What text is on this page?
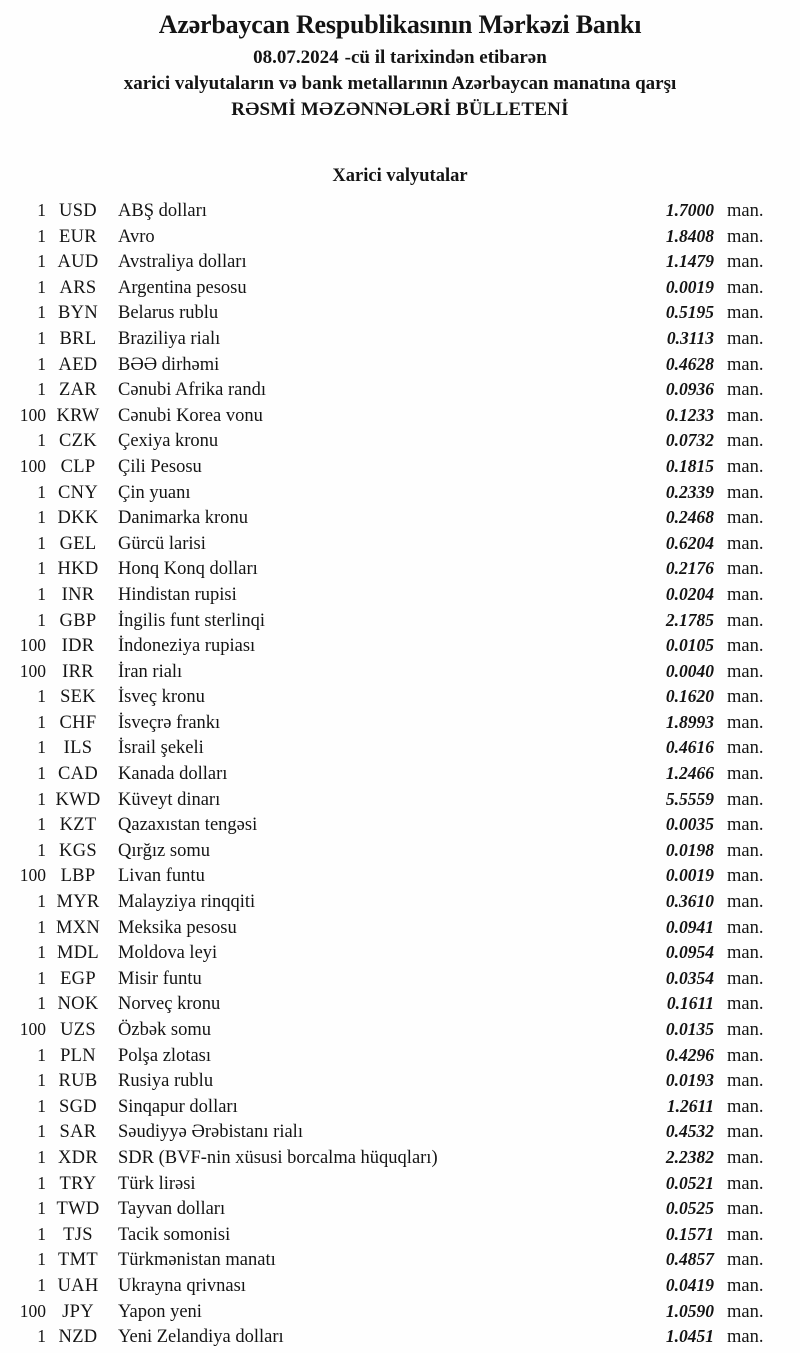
Azərbaycan Respublikasının Mərkəzi Bankı
08.07.2024 -cü il tarixindən etibarən
xarici valyutaların və bank metallarının Azərbaycan manatına qarşı
RƏSMİ MƏZƏNNƏLƏRİ BÜLLETENİ
Xarici valyutalar
1 USD	ABŞ dolları	1.7000 man.
1 EUR	Avro	1.8408 man.
1 AUD	Avstraliya dolları	1.1479 man.
1 ARS	Argentina pesosu	0.0019 man.
1 BYN	Belarus rublu	0.5195 man.
1 BRL	Braziliya rialı	0.3113 man.
1 AED	BƏƏ dirhəmi	0.4628 man.
1 ZAR	Cənubi Afrika randı	0.0936 man.
100 KRW Cənubi Korea vonu	0.1233 man.
1 CZK	Çexiya kronu	0.0732 man.
100 CLP	Çili Pesosu	0.1815 man.
1 CNY	Çin yuanı	0.2339 man.
1 DKK	Danimarka kronu	0.2468 man.
1 GEL	Gürcü larisi	0.6204 man.
1 HKD	Honq Konq dolları	0.2176 man.
1 INR	Hindistan rupisi	0.0204 man.
1 GBP	İngilis funt sterlinqi	2.1785 man.
100 IDR	İndoneziya rupiası	0.0105 man.
100 IRR	İran rialı	0.0040 man.
1 SEK	İsveç kronu	0.1620 man.
1 CHF	İsveçrə frankı	1.8993 man.
1 ILS	İsrail şekeli	0.4616 man.
1 CAD	Kanada dolları	1.2466 man.
1 KWD Küveyt dinarı	5.5559 man.
1 KZT	Qazaxıstan tengəsi	0.0035 man.
1 KGS	Qırğız somu	0.0198 man.
100 LBP	Livan funtu	0.0019 man.
1 MYR Malayziya rinqqiti	0.3610 man.
1 MXN Meksika pesosu	0.0941 man.
1 MDL	Moldova leyi	0.0954 man.
1 EGP	Misir funtu	0.0354 man.
1 NOK	Norveç kronu	0.1611 man.
100 UZS	Özbək somu	0.0135 man.
1 PLN	Polşa zlotası	0.4296 man.
1 RUB	Rusiya rublu	0.0193 man.
1 SGD	Sinqapur dolları	1.2611 man.
1 SAR	Səudiyyə Ərəbistanı rialı	0.4532 man.
1 XDR	SDR (BVF-nin xüsusi borcalma hüquqları)	2.2382 man.
1 TRY	Türk lirəsi	0.0521 man.
1 TWD Tayvan dolları	0.0525 man.
1 TJS	Tacik somonisi	0.1571 man.
1 TMT	Türkmənistan manatı	0.4857 man.
1 UAH	Ukrayna qrivnası	0.0419 man.
100 JPY	Yapon yeni	1.0590 man.
1 NZD	Yeni Zelandiya dolları	1.0451 man.
